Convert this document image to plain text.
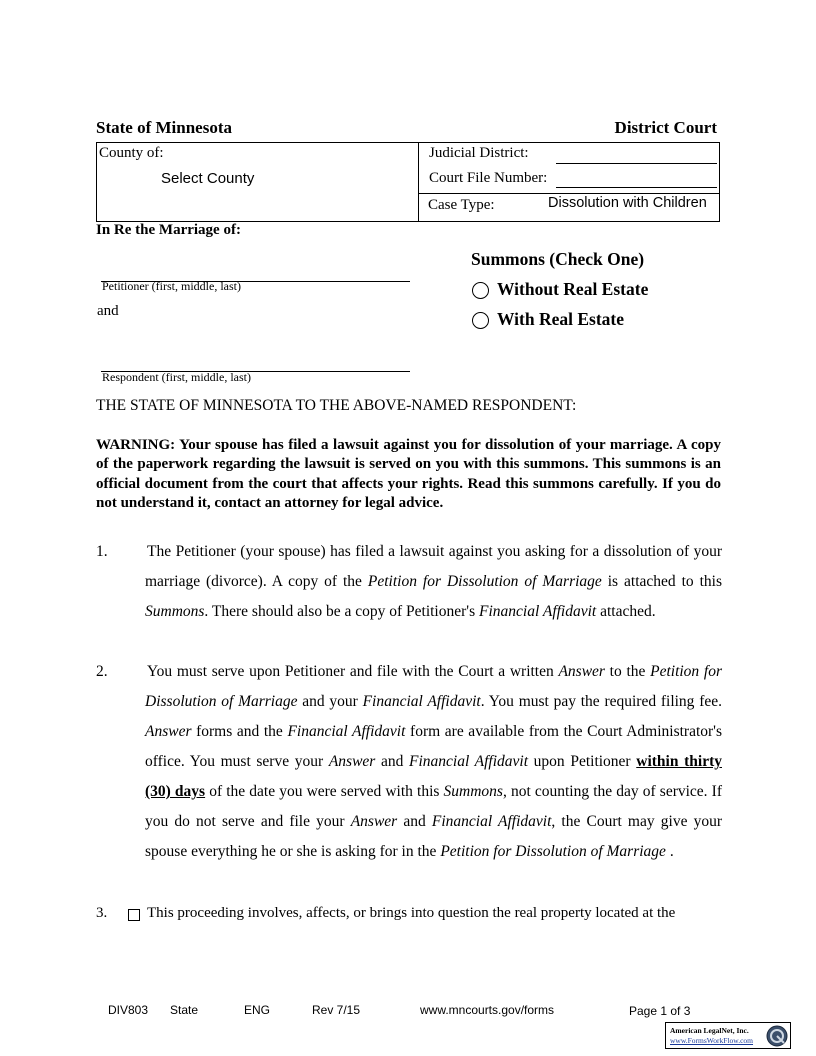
State of Minnesota	District Court
County of:
Select County
Judicial District:
Court File Number:
Case Type:	Dissolution with Children
In Re the Marriage of:
Petitioner (first, middle, last)
and
Respondent (first, middle, last)
Summons (Check One)
Without Real Estate
With Real Estate
THE STATE OF MINNESOTA TO THE ABOVE-NAMED RESPONDENT:
WARNING: Your spouse has filed a lawsuit against you for dissolution of your marriage. A copy of the paperwork regarding the lawsuit is served on you with this summons. This summons is an official document from the court that affects your rights. Read this summons carefully. If you do not understand it, contact an attorney for legal advice.
1.	The Petitioner (your spouse) has filed a lawsuit against you asking for a dissolution of your marriage (divorce). A copy of the Petition for Dissolution of Marriage is attached to this Summons. There should also be a copy of Petitioner's Financial Affidavit attached.
2.	You must serve upon Petitioner and file with the Court a written Answer to the Petition for Dissolution of Marriage and your Financial Affidavit. You must pay the required filing fee. Answer forms and the Financial Affidavit form are available from the Court Administrator's office. You must serve your Answer and Financial Affidavit upon Petitioner within thirty (30) days of the date you were served with this Summons, not counting the day of service. If you do not serve and file your Answer and Financial Affidavit, the Court may give your spouse everything he or she is asking for in the Petition for Dissolution of Marriage .
3.	This proceeding involves, affects, or brings into question the real property located at the
DIV803 State	ENG	Rev 7/15	www.mncourts.gov/forms	Page 1 of 3
American LegalNet, Inc.
www.FormsWorkFlow.com
